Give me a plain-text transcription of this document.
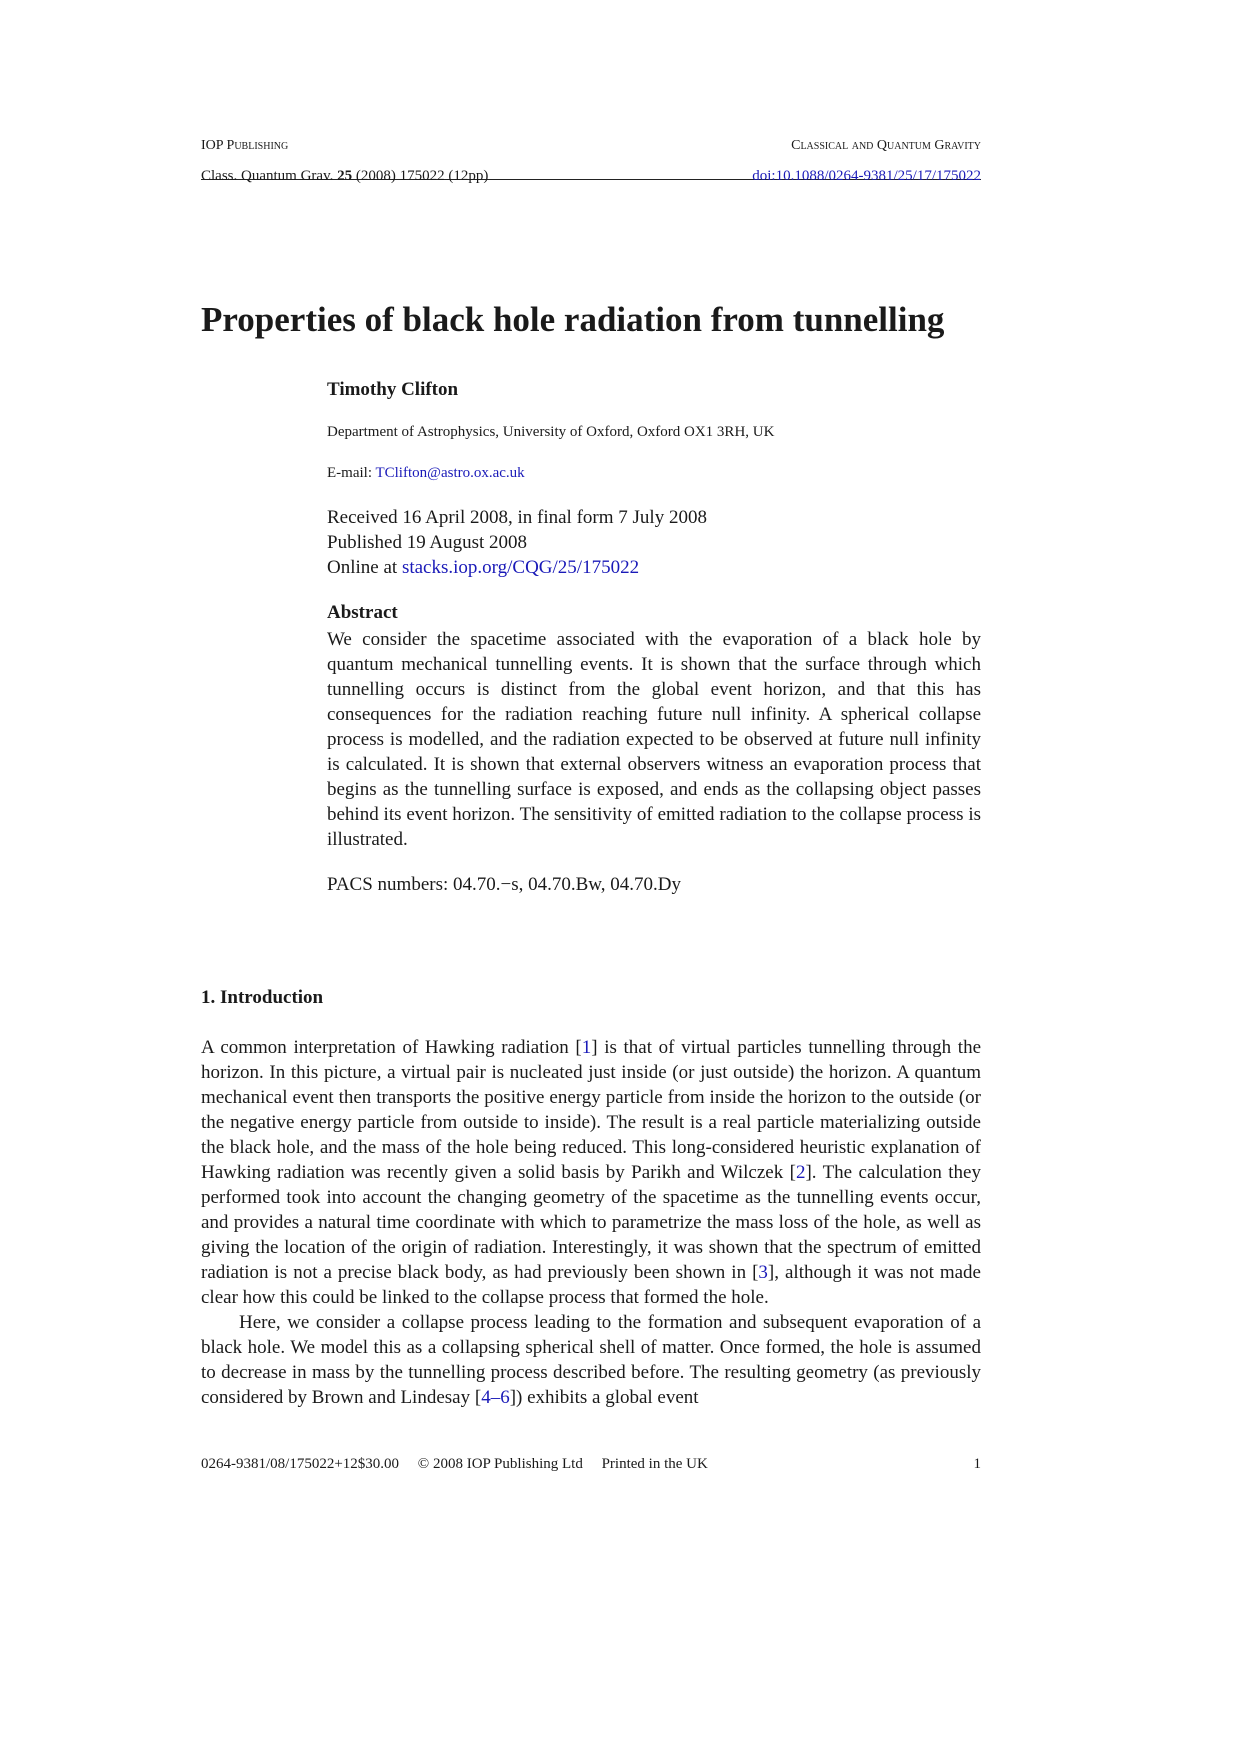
IOP Publishing	Classical and Quantum Gravity
Class. Quantum Grav. 25 (2008) 175022 (12pp)	doi:10.1088/0264-9381/25/17/175022
Properties of black hole radiation from tunnelling
Timothy Clifton
Department of Astrophysics, University of Oxford, Oxford OX1 3RH, UK
E-mail: TClifton@astro.ox.ac.uk
Received 16 April 2008, in final form 7 July 2008
Published 19 August 2008
Online at stacks.iop.org/CQG/25/175022
Abstract
We consider the spacetime associated with the evaporation of a black hole by quantum mechanical tunnelling events. It is shown that the surface through which tunnelling occurs is distinct from the global event horizon, and that this has consequences for the radiation reaching future null infinity. A spherical collapse process is modelled, and the radiation expected to be observed at future null infinity is calculated. It is shown that external observers witness an evaporation process that begins as the tunnelling surface is exposed, and ends as the collapsing object passes behind its event horizon. The sensitivity of emitted radiation to the collapse process is illustrated.
PACS numbers: 04.70.−s, 04.70.Bw, 04.70.Dy
1. Introduction

A common interpretation of Hawking radiation [1] is that of virtual particles tunnelling through the horizon. In this picture, a virtual pair is nucleated just inside (or just outside) the horizon. A quantum mechanical event then transports the positive energy particle from inside the horizon to the outside (or the negative energy particle from outside to inside). The result is a real particle materializing outside the black hole, and the mass of the hole being reduced. This long-considered heuristic explanation of Hawking radiation was recently given a solid basis by Parikh and Wilczek [2]. The calculation they performed took into account the changing geometry of the spacetime as the tunnelling events occur, and provides a natural time coordinate with which to parametrize the mass loss of the hole, as well as giving the location of the origin of radiation. Interestingly, it was shown that the spectrum of emitted radiation is not a precise black body, as had previously been shown in [3], although it was not made clear how this could be linked to the collapse process that formed the hole.

Here, we consider a collapse process leading to the formation and subsequent evaporation of a black hole. We model this as a collapsing spherical shell of matter. Once formed, the hole is assumed to decrease in mass by the tunnelling process described before. The resulting geometry (as previously considered by Brown and Lindesay [4–6]) exhibits a global event

0264-9381/08/175022+12$30.00 © 2008 IOP Publishing Ltd Printed in the UK	1
